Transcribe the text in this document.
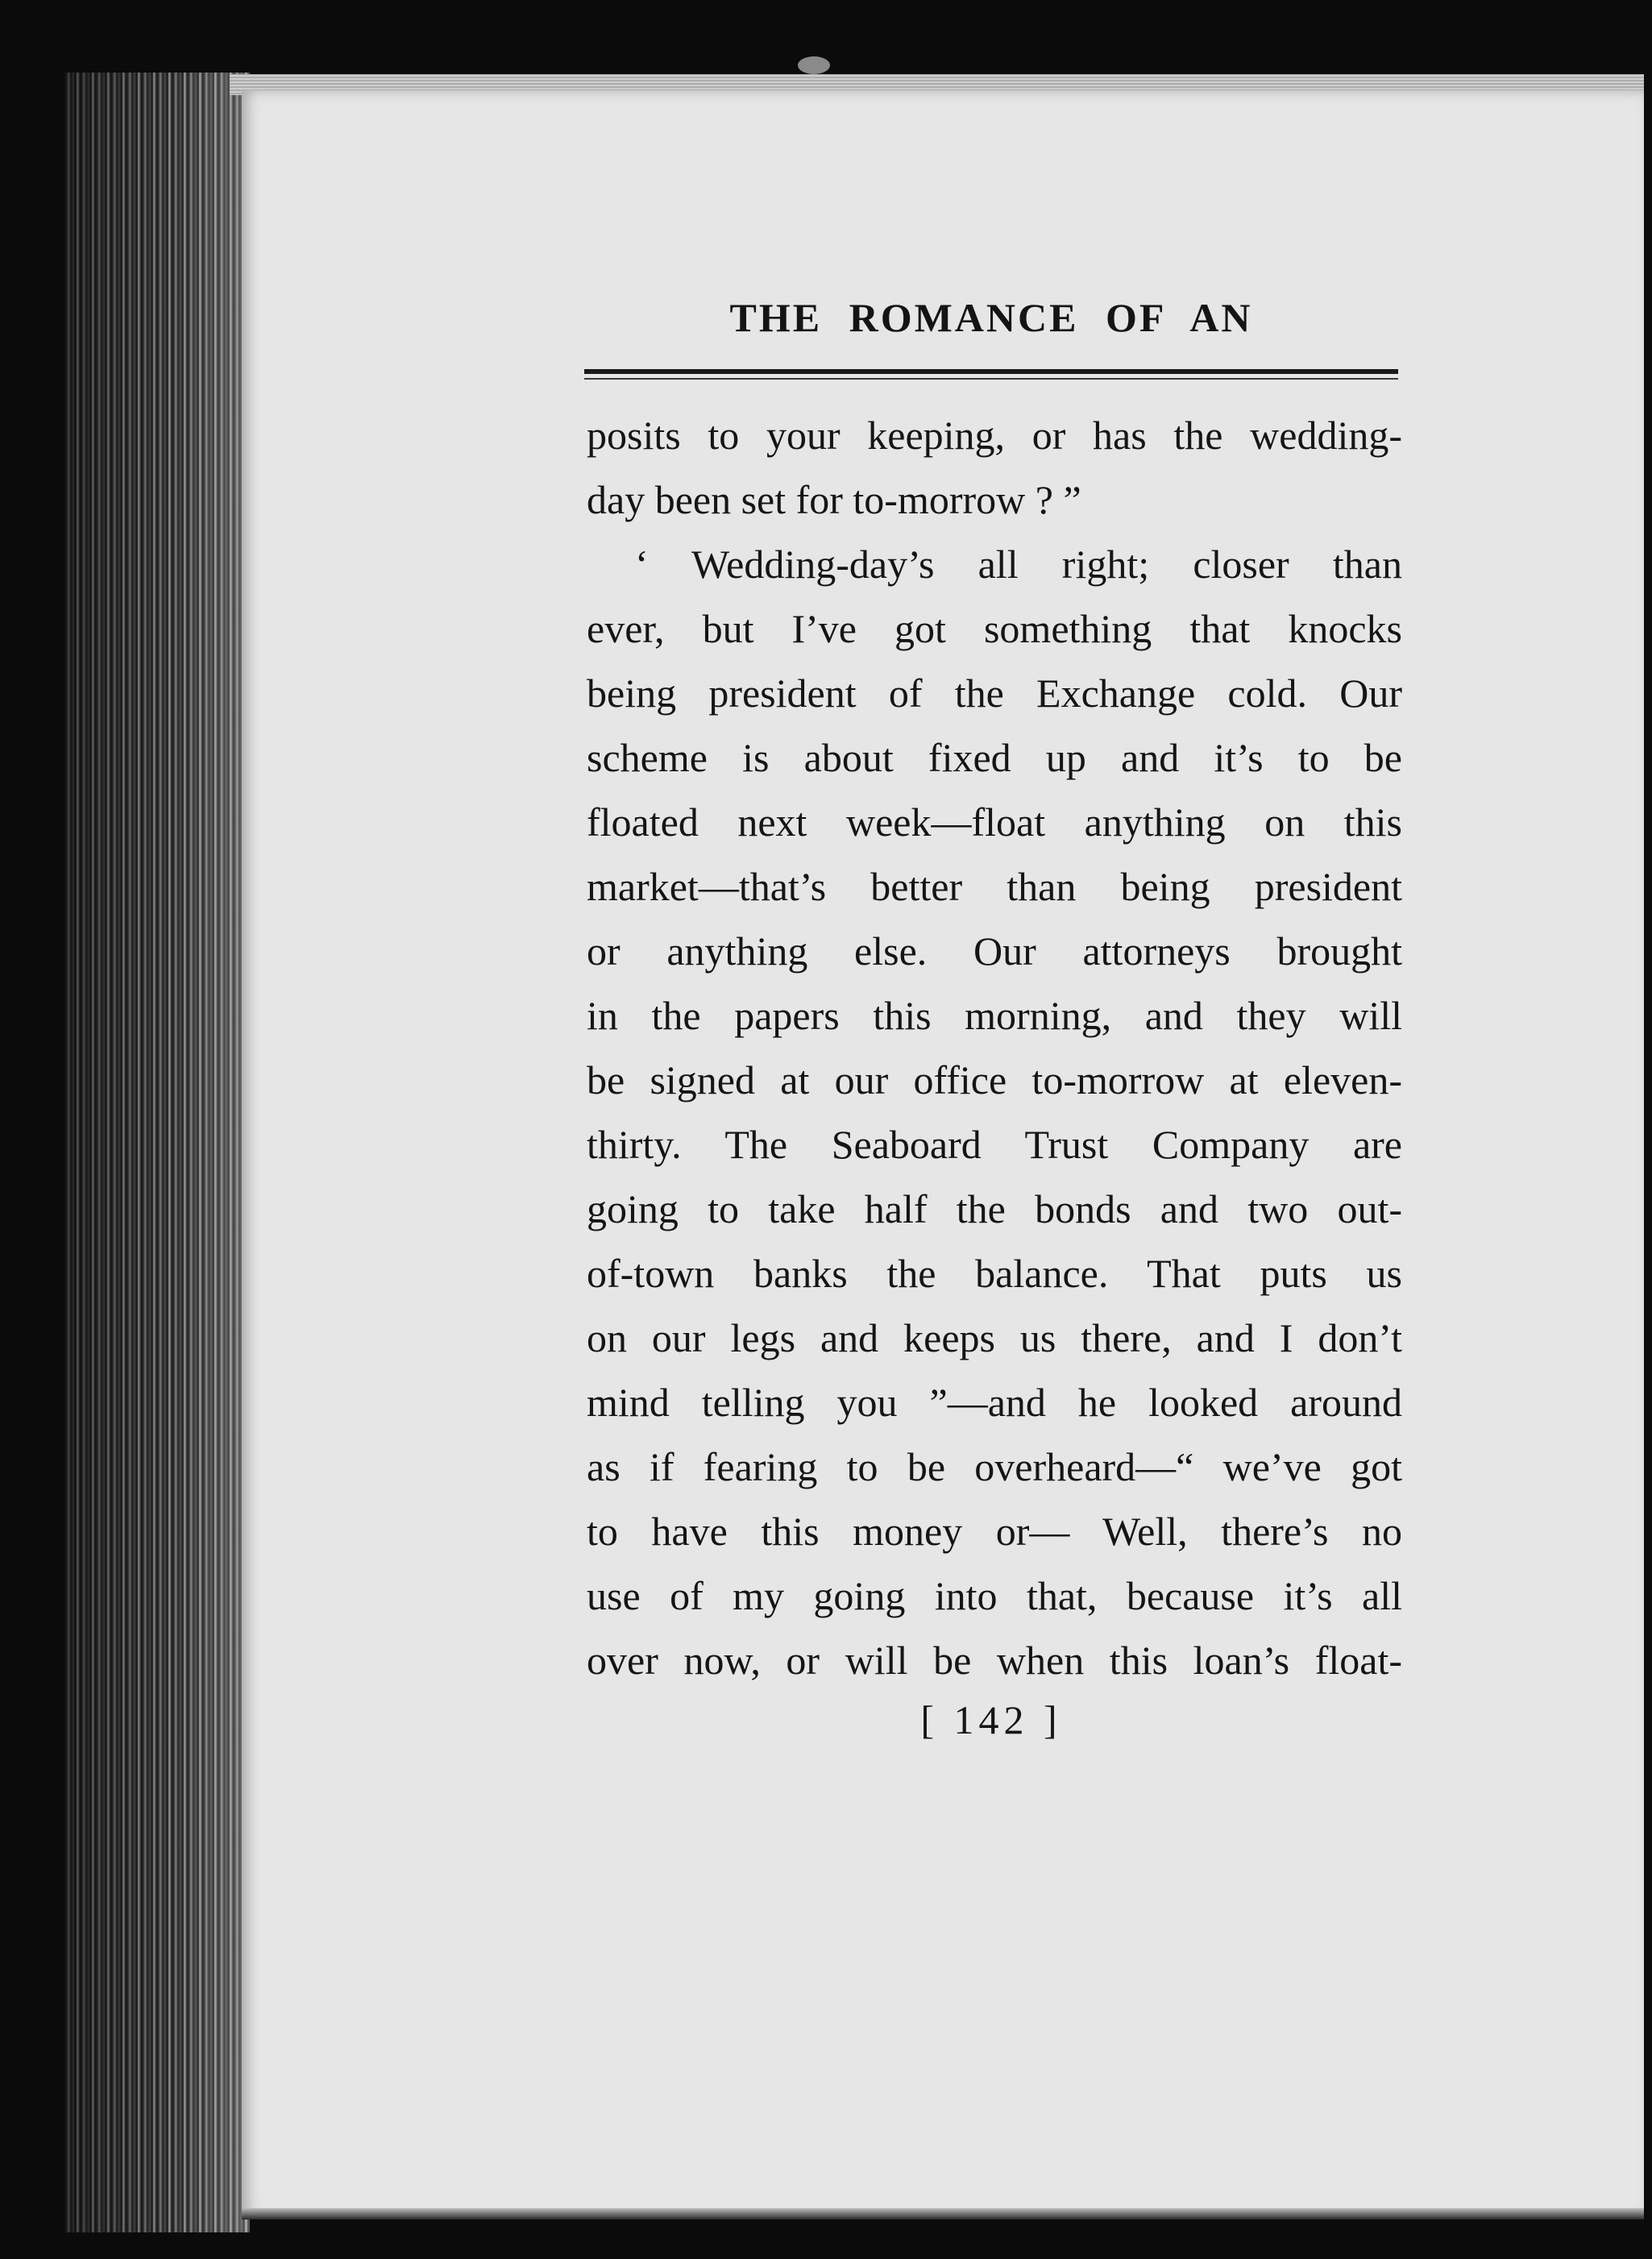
THE ROMANCE OF AN
posits to your keeping, or has the wedding-
day been set for to-morrow ? ”
‘ Wedding-day’s all right; closer than
ever, but I’ve got something that knocks
being president of the Exchange cold. Our
scheme is about fixed up and it’s to be
floated next week—float anything on this
market—that’s better than being president
or anything else. Our attorneys brought
in the papers this morning, and they will
be signed at our office to-morrow at eleven-
thirty. The Seaboard Trust Company are
going to take half the bonds and two out-
of-town banks the balance. That puts us
on our legs and keeps us there, and I don’t
mind telling you ”—and he looked around
as if fearing to be overheard—“ we’ve got
to have this money or— Well, there’s no
use of my going into that, because it’s all
over now, or will be when this loan’s float-
[ 142 ]
